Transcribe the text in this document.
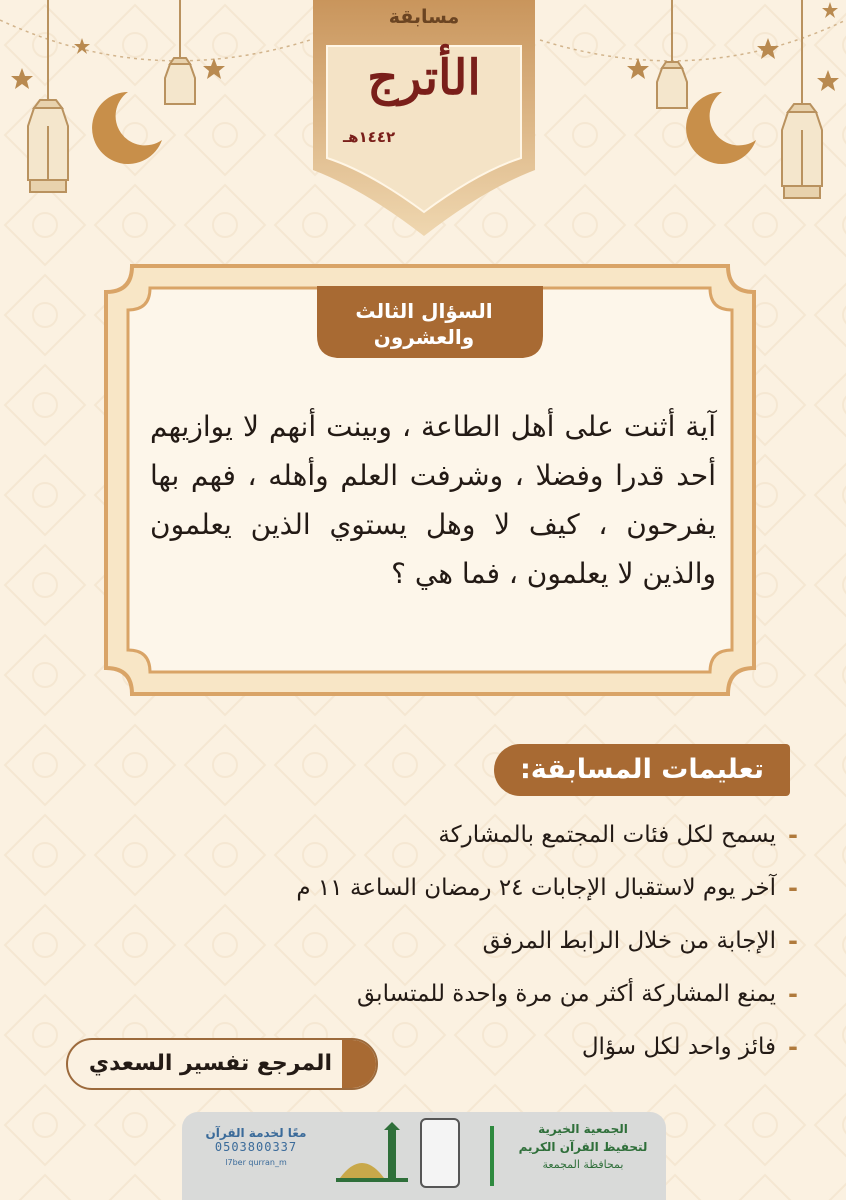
مسابقة
الأترج
١٤٤٢هـ
السؤال الثالث
والعشرون
آية أثنت على أهل الطاعة ، وبينت أنهم لا يوازيهم أحد قدرا وفضلا ، وشرفت العلم وأهله ، فهم بها يفرحون ، كيف لا وهل يستوي الذين يعلمون والذين لا يعلمون ، فما هي ؟
تعليمات المسابقة:
-
يسمح لكل فئات المجتمع بالمشاركة
-
آخر يوم لاستقبال الإجابات ٢٤ رمضان الساعة ١١ م
-
الإجابة من خلال الرابط المرفق
-
يمنع المشاركة أكثر من مرة واحدة للمتسابق
-
فائز واحد لكل سؤال
المرجع تفسير السعدي
الجمعية الخيرية
لتحفيظ القرآن الكريم
بمحافظة المجمعة
معًا لخدمة القرآن
0503800337
l7ber qurran_m
